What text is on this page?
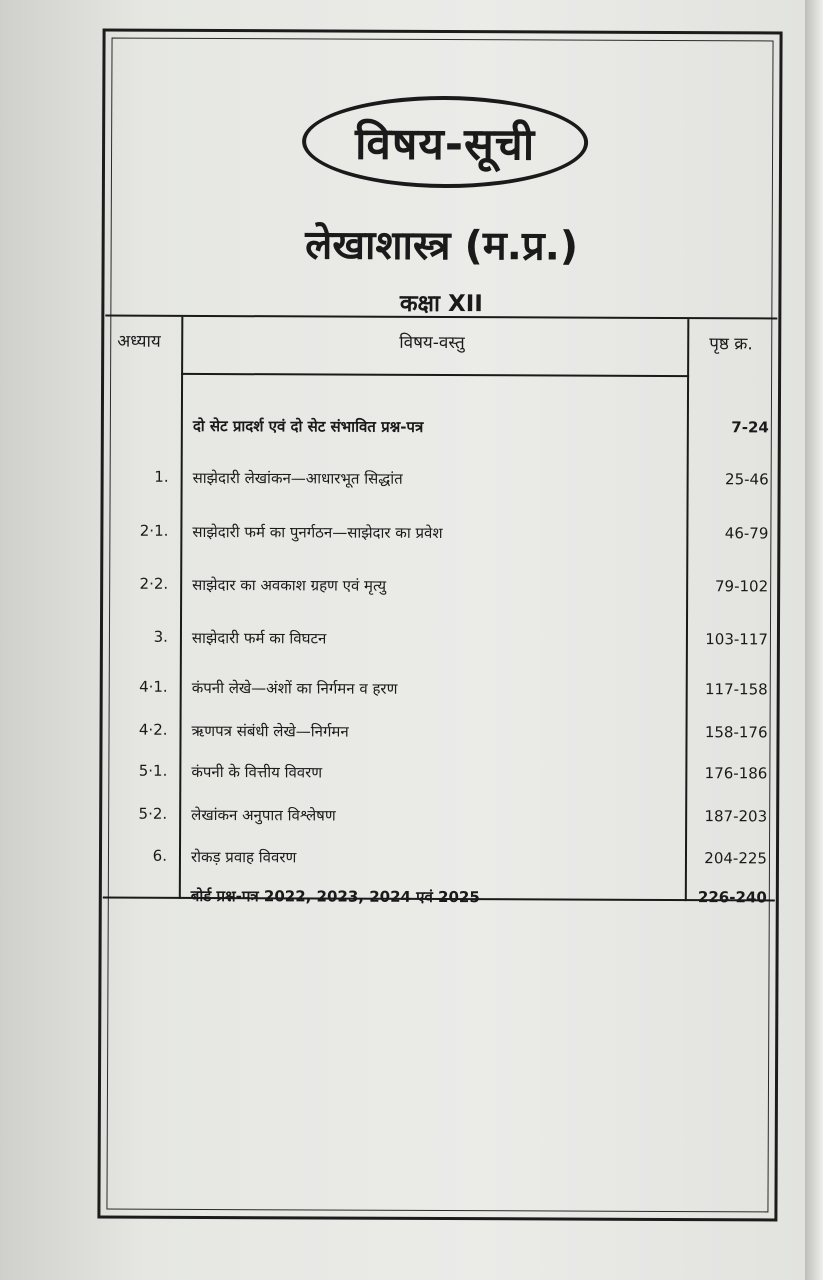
विषय-सूची
लेखाशास्त्र (म.प्र.)
कक्षा XII
अध्याय	विषय-वस्तु	पृष्ठ क्र.
दो सेट प्रादर्श एवं दो सेट संभावित प्रश्न-पत्र	7-24
1. साझेदारी लेखांकन—आधारभूत सिद्धांत	25-46
2·1. साझेदारी फर्म का पुनर्गठन—साझेदार का प्रवेश	46-79
2·2. साझेदार का अवकाश ग्रहण एवं मृत्यु	79-102
3. साझेदारी फर्म का विघटन	103-117
4·1. कंपनी लेखे—अंशों का निर्गमन व हरण	117-158
4·2. ऋणपत्र संबंधी लेखे—निर्गमन	158-176
5·1. कंपनी के वित्तीय विवरण	176-186
5·2. लेखांकन अनुपात विश्लेषण	187-203
6. रोकड़ प्रवाह विवरण	204-225
बोर्ड प्रश्न-पत्र 2022, 2023, 2024 एवं 2025	226-240
